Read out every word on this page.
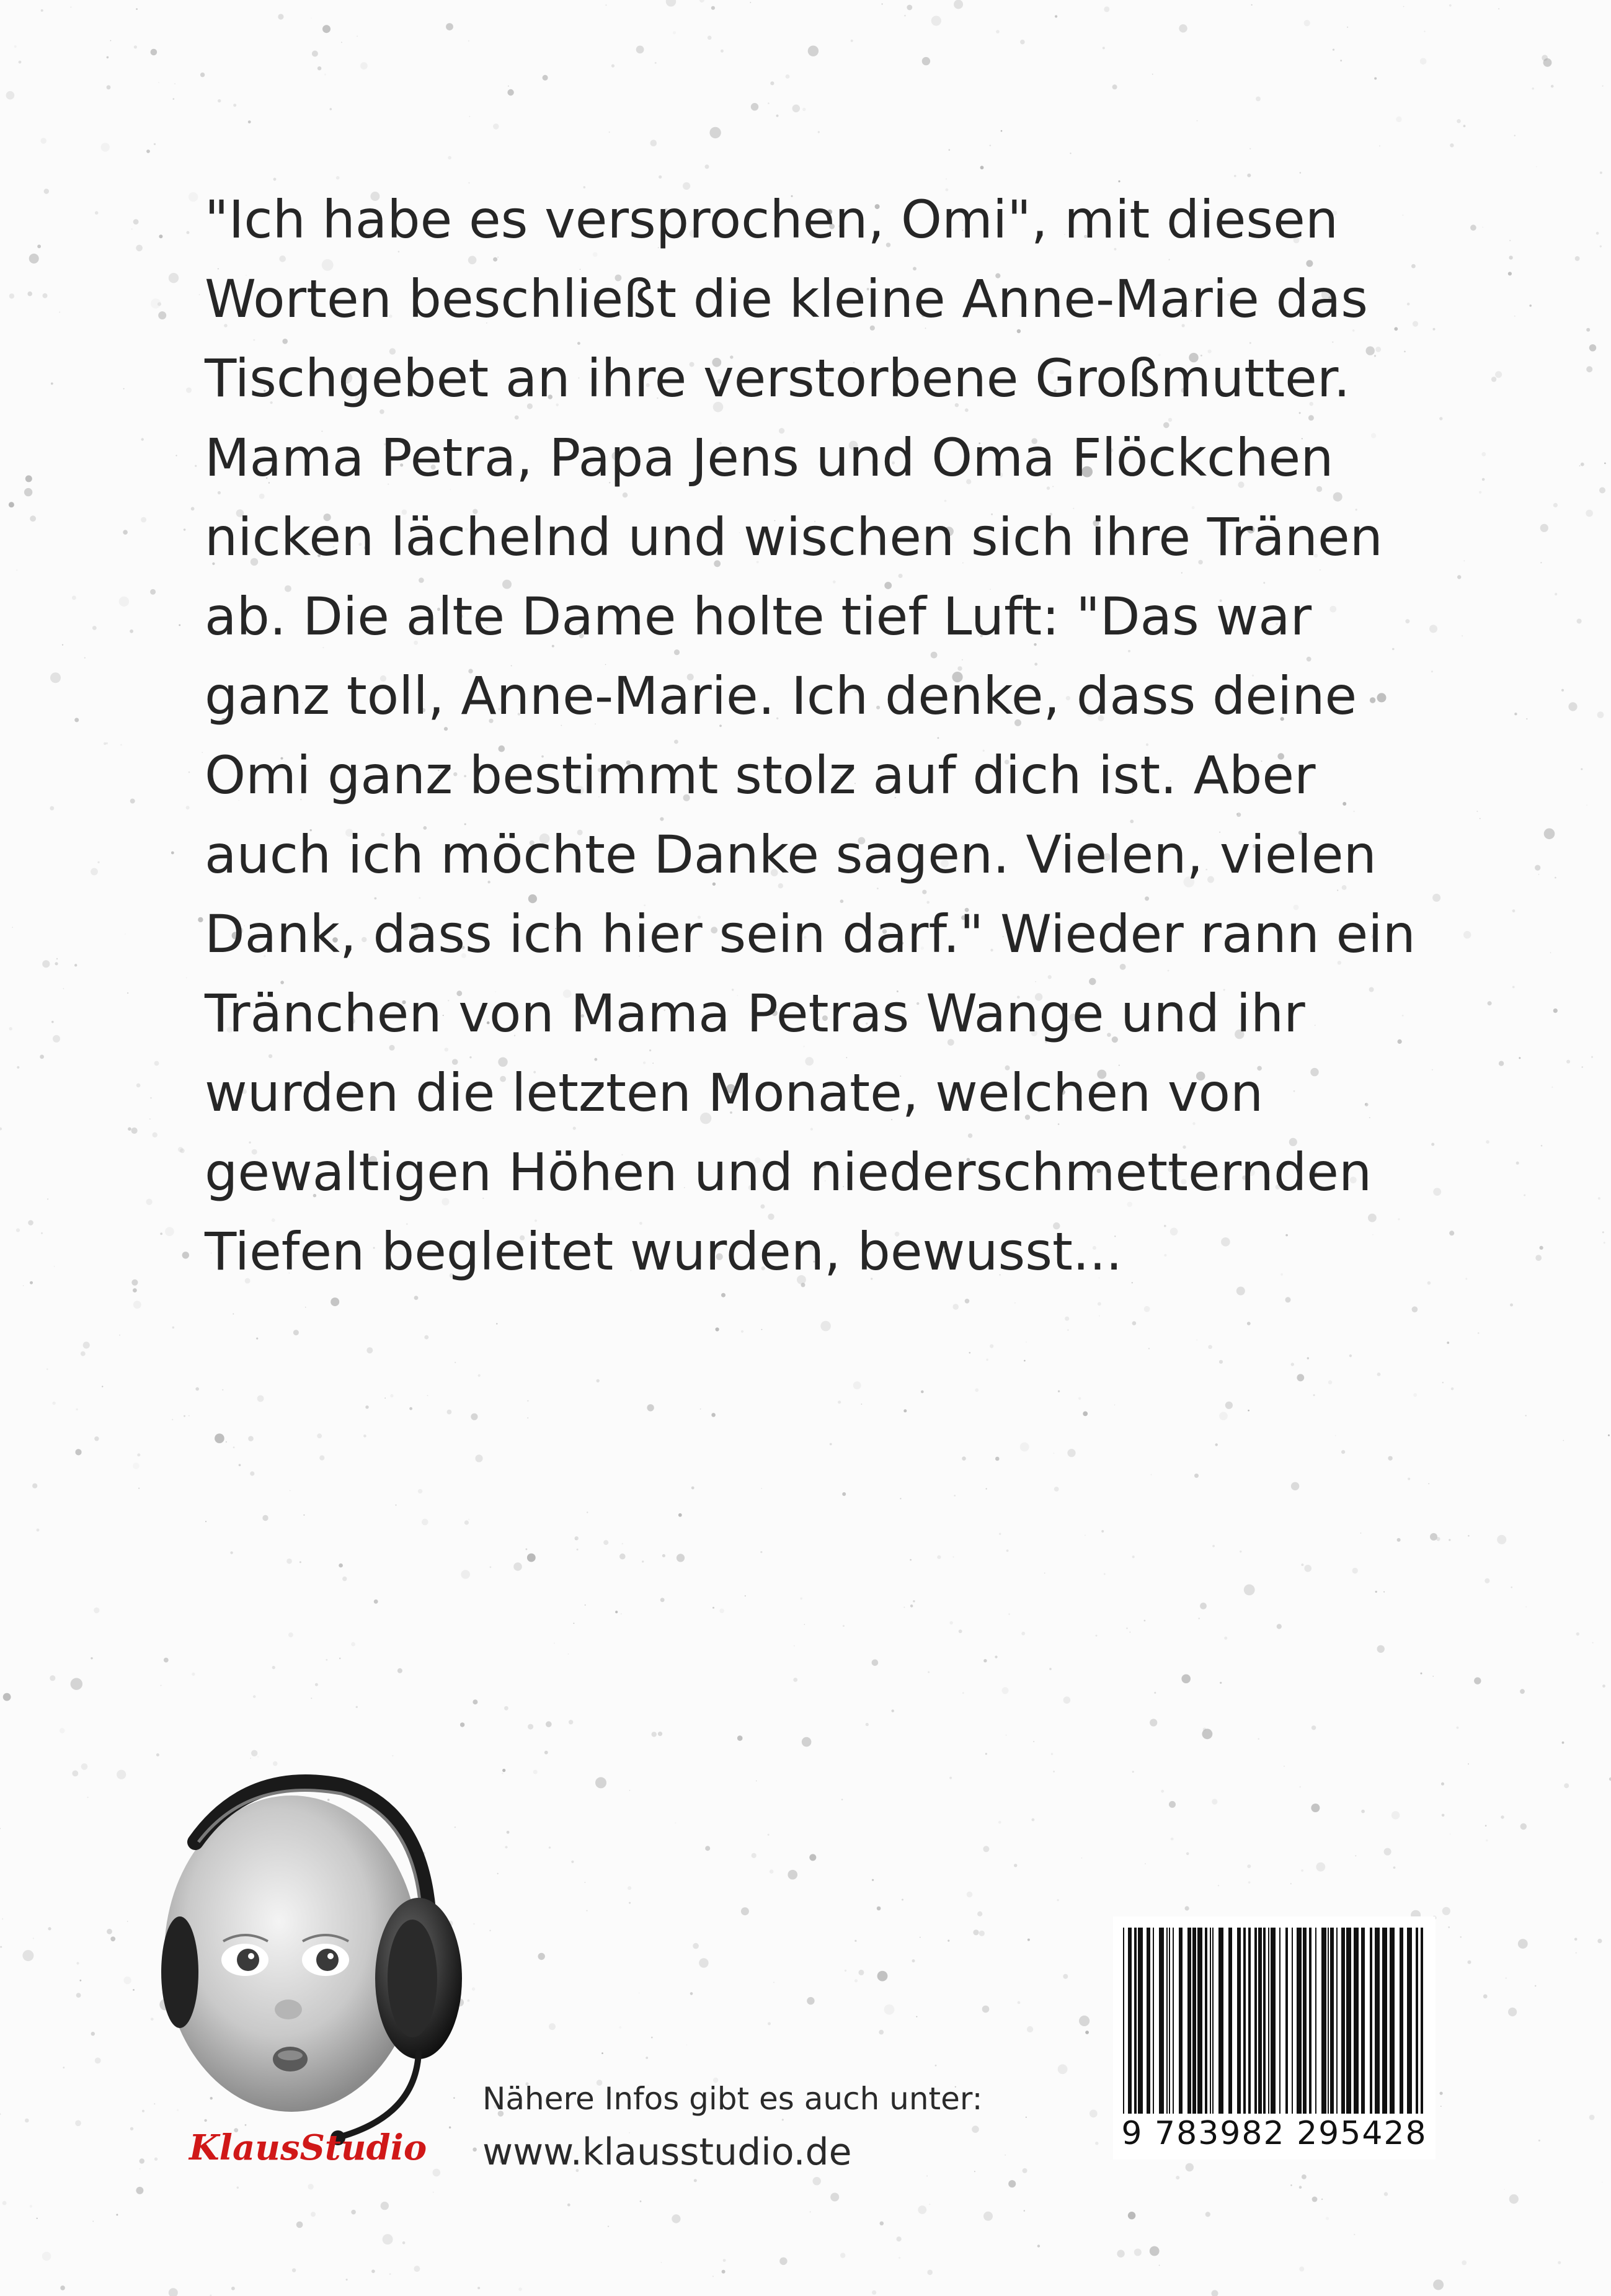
"Ich habe es versprochen, Omi", mit diesen
Worten beschließt die kleine Anne-Marie das
Tischgebet an ihre verstorbene Großmutter.
Mama Petra, Papa Jens und Oma Flöckchen
nicken lächelnd und wischen sich ihre Tränen
ab. Die alte Dame holte tief Luft: "Das war
ganz toll, Anne-Marie. Ich denke, dass deine
Omi ganz bestimmt stolz auf dich ist. Aber
auch ich möchte Danke sagen. Vielen, vielen
Dank, dass ich hier sein darf." Wieder rann ein
Tränchen von Mama Petras Wange und ihr
wurden die letzten Monate, welchen von
gewaltigen Höhen und niederschmetternden
Tiefen begleitet wurden, bewusst...
KlausStudio
Nähere Infos gibt es auch unter:
www.klausstudio.de	9 783982 295428
